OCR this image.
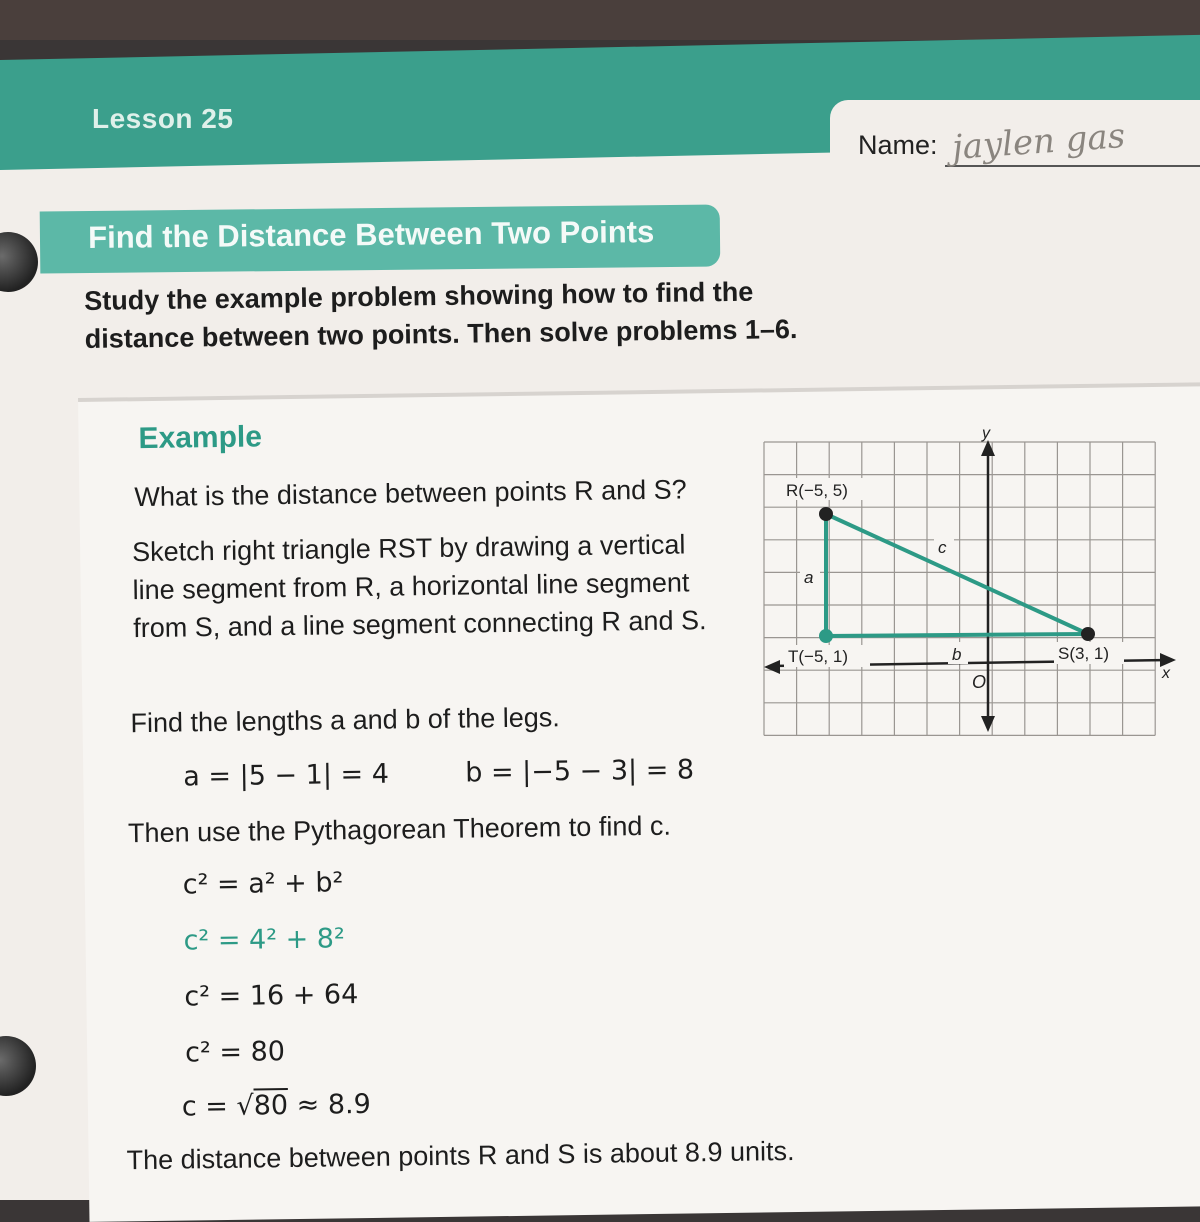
Lesson 25
Name: jaylen gas
Find the Distance Between Two Points
Study the example problem showing how to find the distance between two points. Then solve problems 1–6.
Example
What is the distance between points R and S?
Sketch right triangle RST by drawing a vertical line segment from R, a horizontal line segment from S, and a line segment connecting R and S.
Find the lengths a and b of the legs.
a = |5 − 1| = 4	b = |−5 − 3| = 8
Then use the Pythagorean Theorem to find c.
c² = a² + b²
c² = 4² + 8²
c² = 16 + 64
c² = 80
c = √80 ≈ 8.9
The distance between points R and S is about 8.9 units.
y
x
O
R(−5, 5)
T(−5, 1)	S(3, 1)
a
b
c
